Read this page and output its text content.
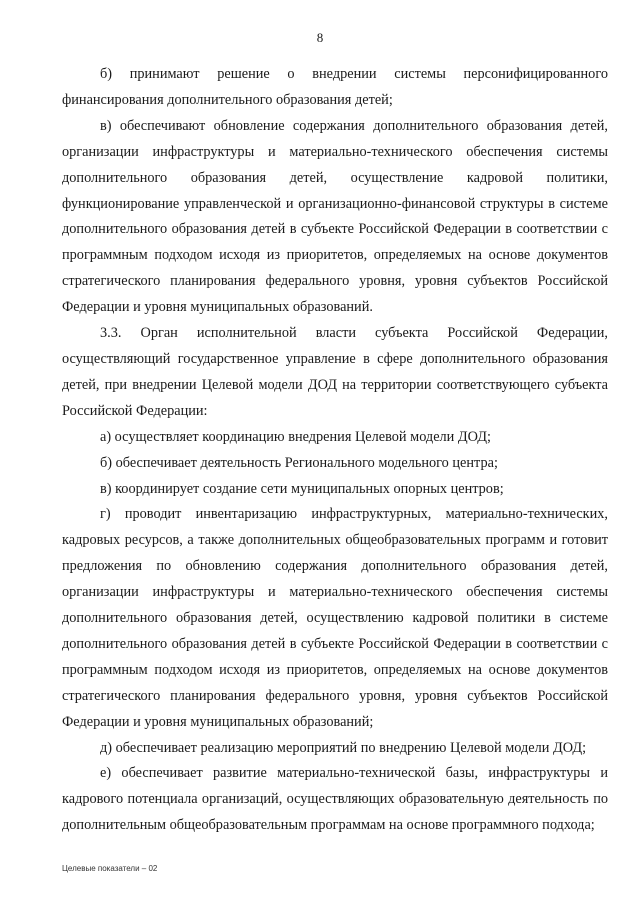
8

б) принимают решение о внедрении системы персонифицированного финансирования дополнительного образования детей;

в) обеспечивают обновление содержания дополнительного образования детей, организации инфраструктуры и материально-технического обеспечения системы дополнительного образования детей, осуществление кадровой политики, функционирование управленческой и организационно-финансовой структуры в системе дополнительного образования детей в субъекте Российской Федерации в соответствии с программным подходом исходя из приоритетов, определяемых на основе документов стратегического планирования федерального уровня, уровня субъектов Российской Федерации и уровня муниципальных образований.

3.3. Орган исполнительной власти субъекта Российской Федерации, осуществляющий государственное управление в сфере дополнительного образования детей, при внедрении Целевой модели ДОД на территории соответствующего субъекта Российской Федерации:

а) осуществляет координацию внедрения Целевой модели ДОД;

б) обеспечивает деятельность Регионального модельного центра;

в) координирует создание сети муниципальных опорных центров;

г) проводит инвентаризацию инфраструктурных, материально-технических, кадровых ресурсов, а также дополнительных общеобразовательных программ и готовит предложения по обновлению содержания дополнительного образования детей, организации инфраструктуры и материально-технического обеспечения системы дополнительного образования детей, осуществлению кадровой политики в системе дополнительного образования детей в субъекте Российской Федерации в соответствии с программным подходом исходя из приоритетов, определяемых на основе документов стратегического планирования федерального уровня, уровня субъектов Российской Федерации и уровня муниципальных образований;

д) обеспечивает реализацию мероприятий по внедрению Целевой модели ДОД;

е) обеспечивает развитие материально-технической базы, инфраструктуры и кадрового потенциала организаций, осуществляющих образовательную деятельность по дополнительным общеобразовательным программам на основе программного подхода;

Целевые показатели – 02
